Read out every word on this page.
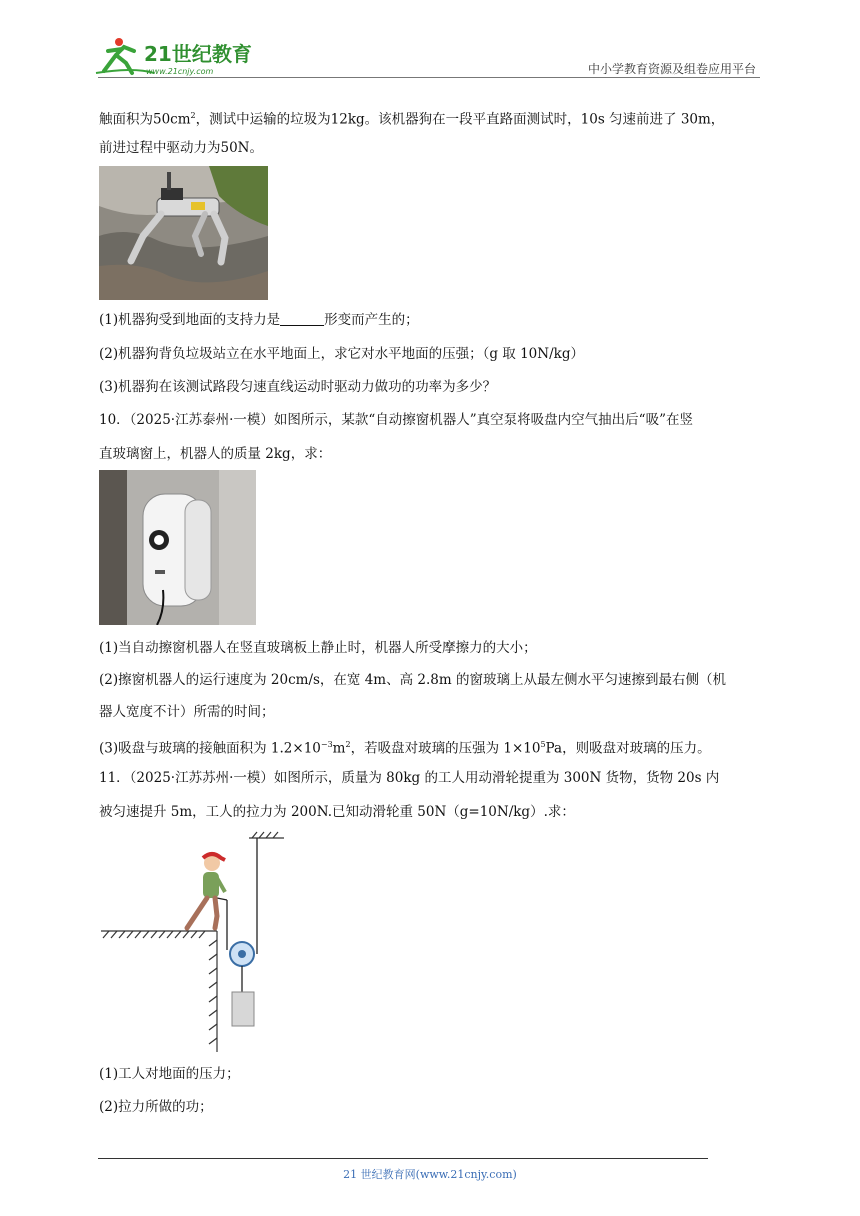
21世纪教育
www.21cnjy.com	中小学教育资源及组卷应用平台
触面积为$50cm^2$，测试中运输的垃圾为12kg。该机器狗在一段平直路面测试时，10s 匀速前进了 30m，
前进过程中驱动力为50N。
(1)机器狗受到地面的支持力是	形变而产生的；
(2)机器狗背负垃圾站立在水平地面上，求它对水平地面的压强；（g 取 10N/kg）
(3)机器狗在该测试路段匀速直线运动时驱动力做功的功率为多少？
10．（2025·江苏泰州·一模）如图所示，某款“自动擦窗机器人”真空泵将吸盘内空气抽出后“吸”在竖
直玻璃窗上，机器人的质量 2kg，求：
(1)当自动擦窗机器人在竖直玻璃板上静止时，机器人所受摩擦力的大小；
(2)擦窗机器人的运行速度为 20cm/s，在宽 4m、高 2.8m 的窗玻璃上从最左侧水平匀速擦到最右侧（机
器人宽度不计）所需的时间；
(3)吸盘与玻璃的接触面积为 $1.2\times 10^{-3}m^2$，若吸盘对玻璃的压强为 $1\times 10^5Pa$，则吸盘对玻璃的压力。
11．（2025·江苏苏州·一模）如图所示，质量为 80kg 的工人用动滑轮提重为 300N 货物，货物 20s 内
被匀速提升 5m，工人的拉力为 200N.已知动滑轮重 50N（g=10N/kg）.求：
(1)工人对地面的压力；
(2)拉力所做的功；
21 世纪教育网(www.21cnjy.com)
